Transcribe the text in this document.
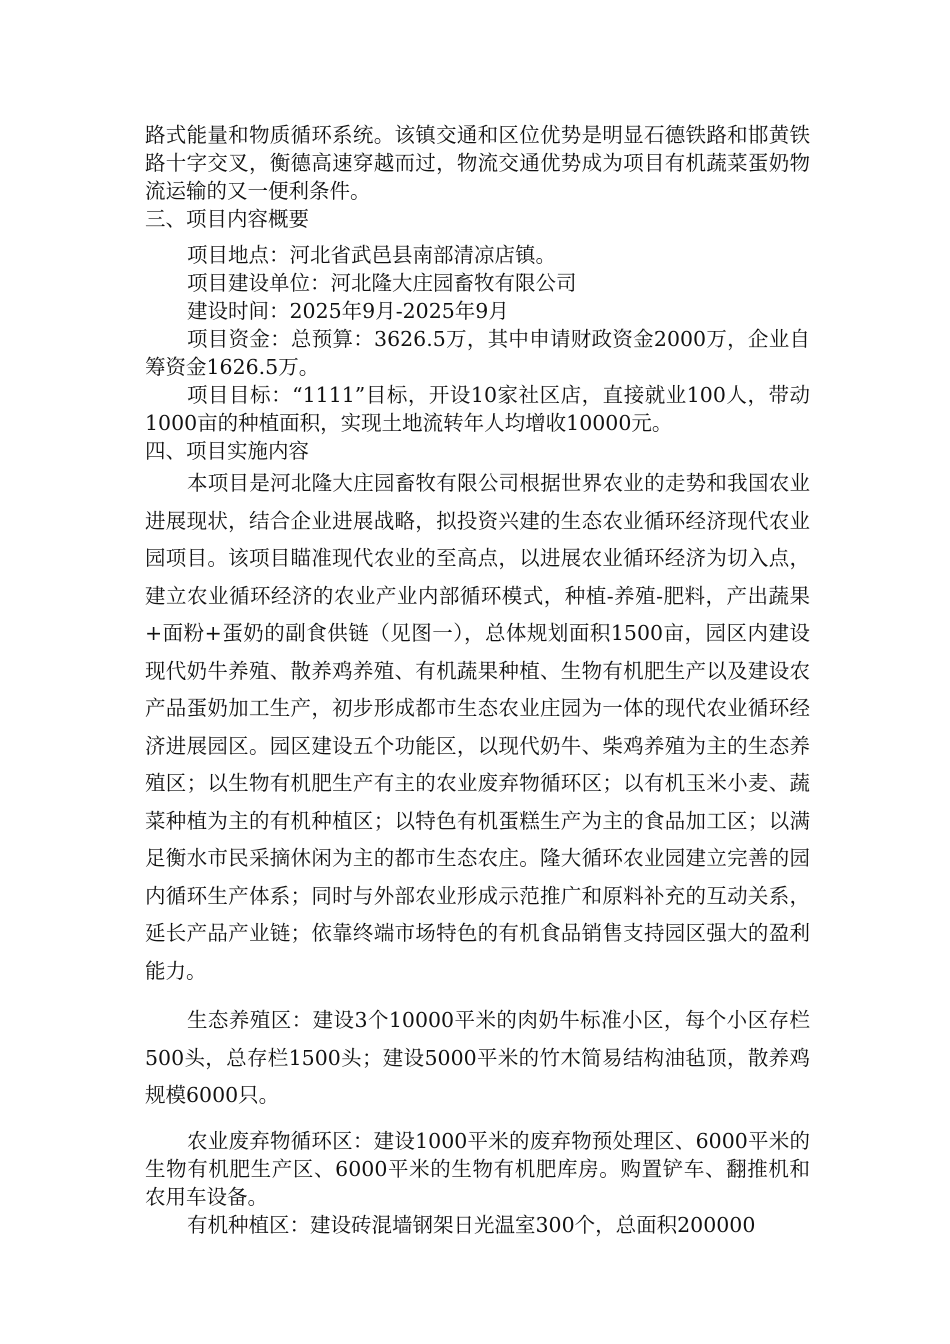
路式能量和物质循环系统。该镇交通和区位优势是明显石德铁路和邯黄铁路十字交叉，衡德高速穿越而过，物流交通优势成为项目有机蔬菜蛋奶物流运输的又一便利条件。

三、项目内容概要

项目地点：河北省武邑县南部清凉店镇。

项目建设单位：河北隆大庄园畜牧有限公司

建设时间：2025年9月-2025年9月

项目资金：总预算：3626.5万，其中申请财政资金2000万，企业自筹资金1626.5万。

项目目标：“1111”目标，开设10家社区店，直接就业100人，带动1000亩的种植面积，实现土地流转年人均增收10000元。

四、项目实施内容

本项目是河北隆大庄园畜牧有限公司根据世界农业的走势和我国农业进展现状，结合企业进展战略，拟投资兴建的生态农业循环经济现代农业园项目。该项目瞄准现代农业的至高点，以进展农业循环经济为切入点，建立农业循环经济的农业产业内部循环模式，种植-养殖-肥料，产出蔬果+面粉+蛋奶的副食供链（见图一），总体规划面积1500亩，园区内建设现代奶牛养殖、散养鸡养殖、有机蔬果种植、生物有机肥生产以及建设农产品蛋奶加工生产，初步形成都市生态农业庄园为一体的现代农业循环经济进展园区。园区建设五个功能区，以现代奶牛、柴鸡养殖为主的生态养殖区；以生物有机肥生产有主的农业废弃物循环区；以有机玉米小麦、蔬菜种植为主的有机种植区；以特色有机蛋糕生产为主的食品加工区；以满足衡水市民采摘休闲为主的都市生态农庄。隆大循环农业园建立完善的园内循环生产体系；同时与外部农业形成示范推广和原料补充的互动关系，延长产品产业链；依靠终端市场特色的有机食品销售支持园区强大的盈利能力。

生态养殖区：建设3个10000平米的肉奶牛标准小区，每个小区存栏500头，总存栏1500头；建设5000平米的竹木简易结构油毡顶，散养鸡规模6000只。

农业废弃物循环区：建设1000平米的废弃物预处理区、6000平米的生物有机肥生产区、6000平米的生物有机肥库房。购置铲车、翻推机和农用车设备。

有机种植区：建设砖混墙钢架日光温室300个，总面积200000
